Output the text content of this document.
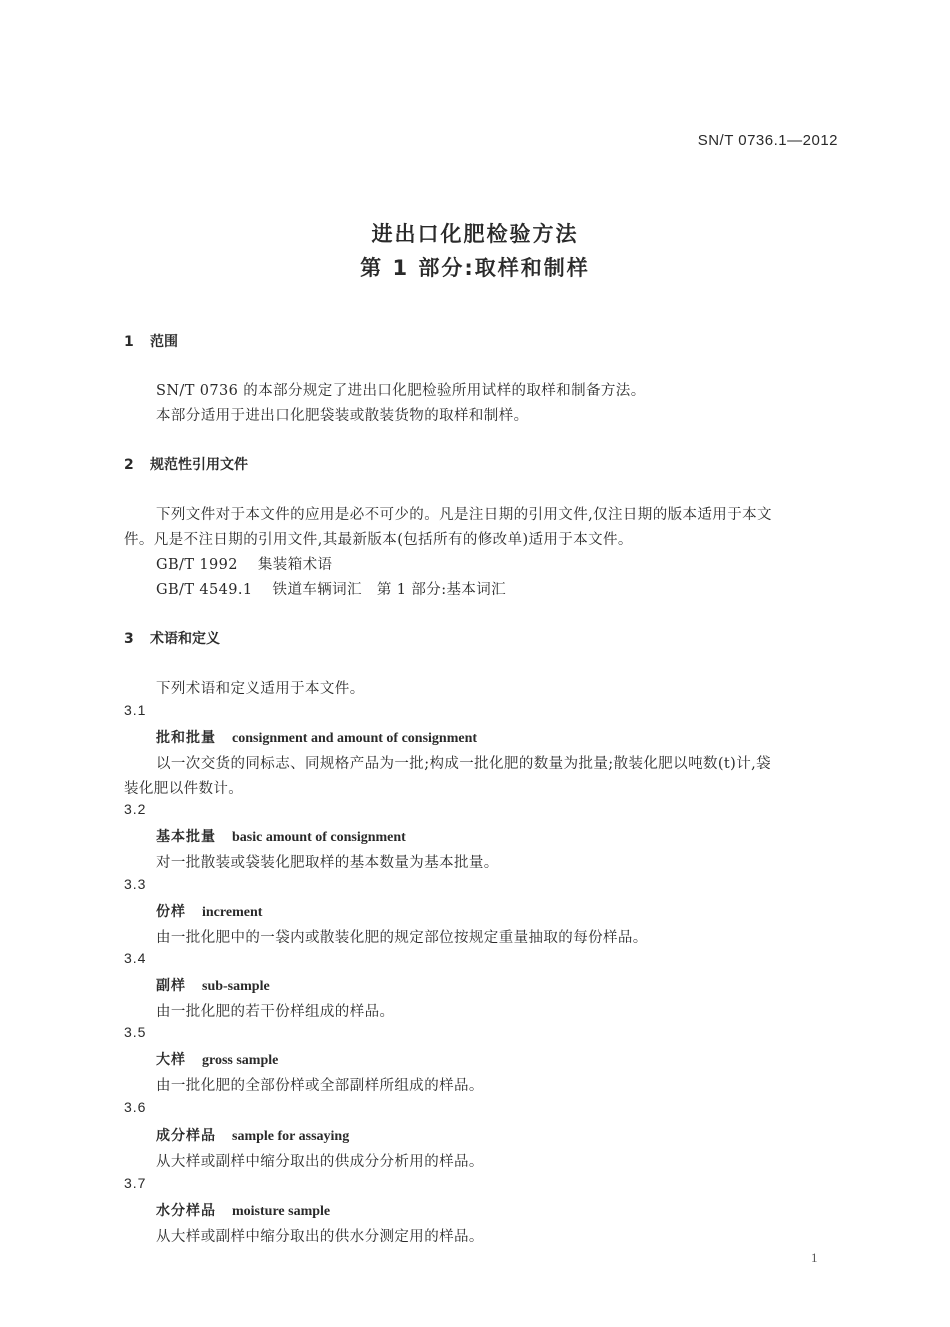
SN/T 0736.1—2012
进出口化肥检验方法
第 1 部分:取样和制样
1 范围
SN/T 0736 的本部分规定了进出口化肥检验所用试样的取样和制备方法。
本部分适用于进出口化肥袋装或散装货物的取样和制样。
2 规范性引用文件
下列文件对于本文件的应用是必不可少的。凡是注日期的引用文件,仅注日期的版本适用于本文
件。凡是不注日期的引用文件,其最新版本(包括所有的修改单)适用于本文件。
GB/T 1992 集装箱术语
GB/T 4549.1 铁道车辆词汇　第 1 部分:基本词汇
3 术语和定义
下列术语和定义适用于本文件。
3.1
批和批量 consignment and amount of consignment
以一次交货的同标志、同规格产品为一批;构成一批化肥的数量为批量;散装化肥以吨数(t)计,袋
装化肥以件数计。
3.2
基本批量 basic amount of consignment
对一批散装或袋装化肥取样的基本数量为基本批量。
3.3
份样 increment
由一批化肥中的一袋内或散装化肥的规定部位按规定重量抽取的每份样品。
3.4
副样 sub-sample
由一批化肥的若干份样组成的样品。
3.5
大样 gross sample
由一批化肥的全部份样或全部副样所组成的样品。
3.6
成分样品 sample for assaying
从大样或副样中缩分取出的供成分分析用的样品。
3.7
水分样品 moisture sample
从大样或副样中缩分取出的供水分测定用的样品。
1
